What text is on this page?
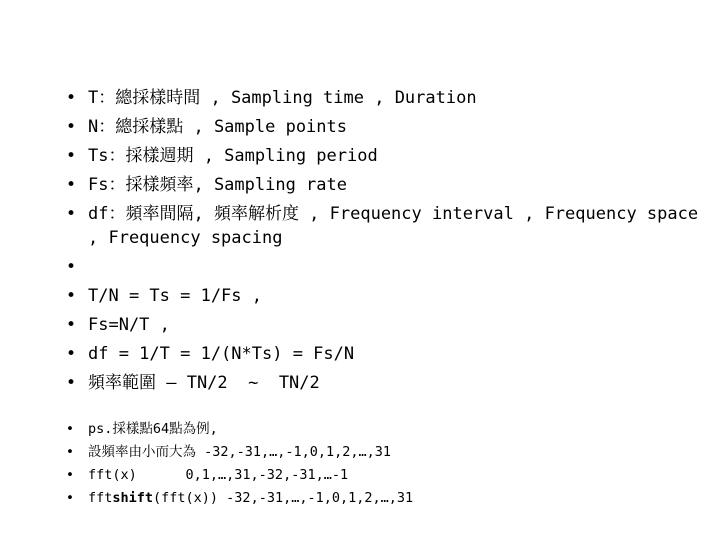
• T：總採樣時間 , Sampling time , Duration
• N：總採樣點 , Sample points
• Ts：採樣週期 , Sampling period
• Fs：採樣頻率, Sampling rate
• df：頻率間隔, 頻率解析度 , Frequency interval , Frequency space , Frequency spacing
•
• T/N = Ts = 1/Fs ,
• Fs=N/T ,
• df = 1/T = 1/(N*Ts) = Fs/N
• 頻率範圍 – TN/2  ~  TN/2
• ps.採樣點64點為例,
• 設頻率由小而大為 -32,-31,…,-1,0,1,2,…,31
• fft(x)      0,1,…,31,-32,-31,…-1
• fftshift(fft(x)) -32,-31,…,-1,0,1,2,…,31
